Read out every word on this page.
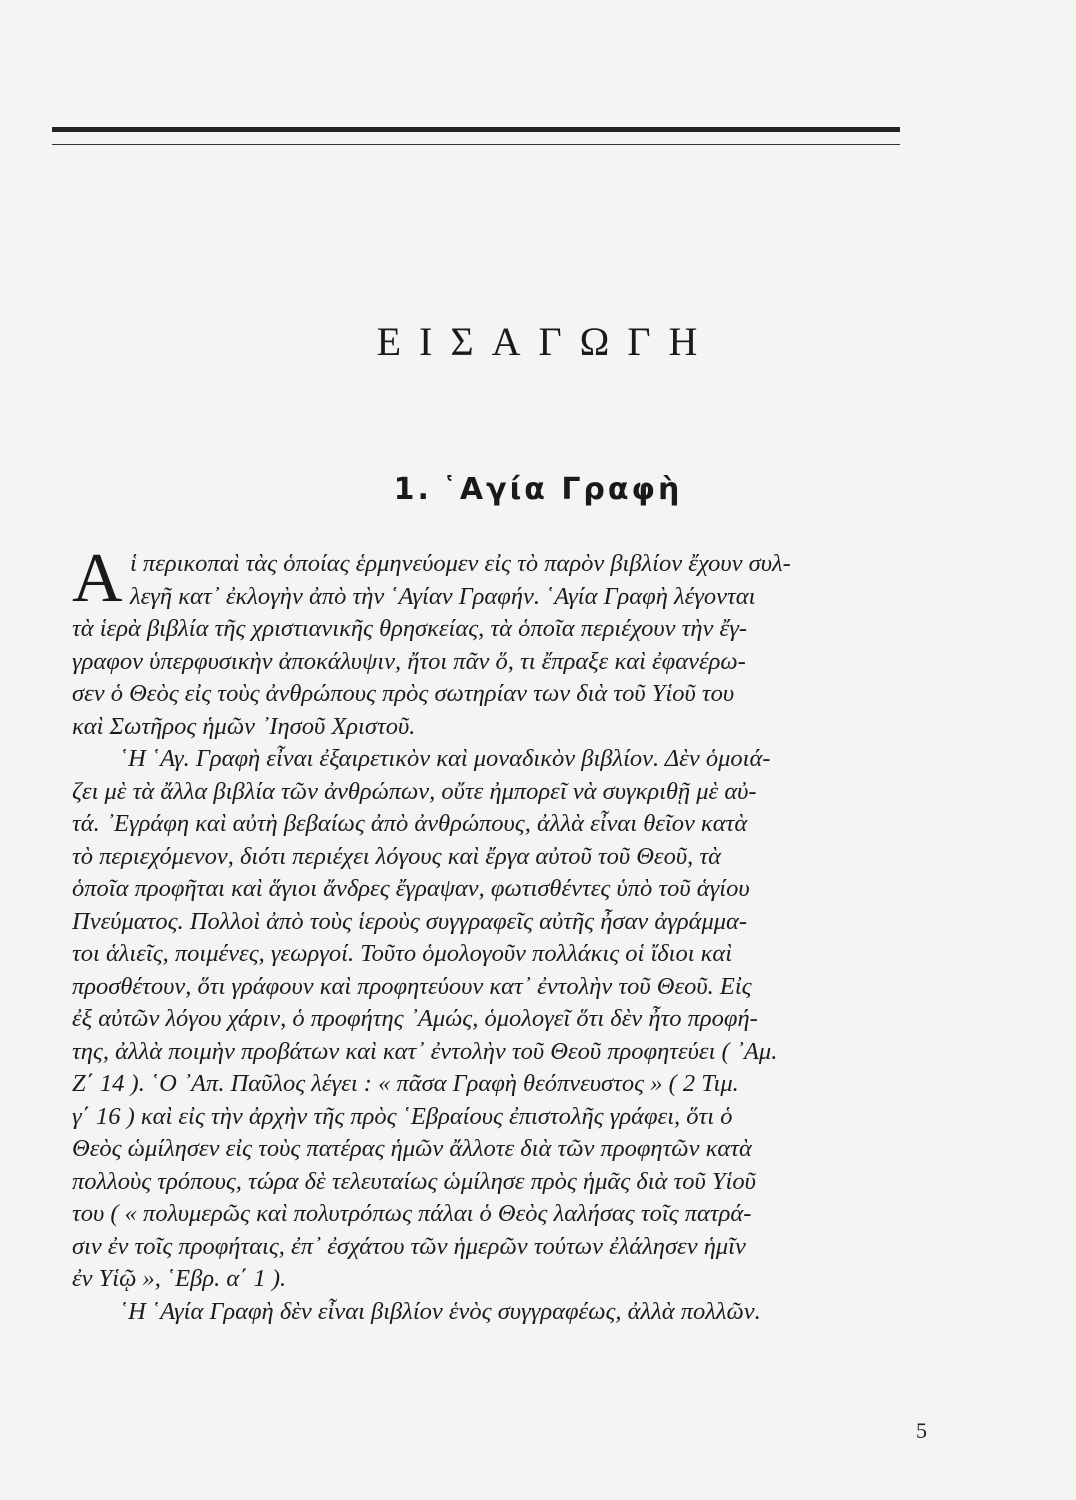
ΕΙΣΑΓΩΓΗ
1. ῾Αγία Γραφὴ
Α ἱ περικοπαὶ τὰς ὁποίας ἑρμηνεύομεν εἰς τὸ παρὸν βιβλίον ἔχουν συλ-
λεγῆ κατ᾽ ἐκλογὴν ἀπὸ τὴν ῾Αγίαν Γραφήν. ῾Αγία Γραφὴ λέγονται
τὰ ἱερὰ βιβλία τῆς χριστιανικῆς θρησκείας, τὰ ὁποῖα περιέχουν τὴν ἔγ-
γραφον ὑπερφυσικὴν ἀποκάλυψιν, ἤτοι πᾶν ὅ, τι ἔπραξε καὶ ἐφανέρω-
σεν ὁ Θεὸς εἰς τοὺς ἀνθρώπους πρὸς σωτηρίαν των διὰ τοῦ Υἱοῦ του
καὶ Σωτῆρος ἡμῶν ᾽Ιησοῦ Χριστοῦ.
῾Η ῾Αγ. Γραφὴ εἶναι ἐξαιρετικὸν καὶ μοναδικὸν βιβλίον. Δὲν ὁμοιά-
ζει μὲ τὰ ἄλλα βιβλία τῶν ἀνθρώπων, οὔτε ἠμπορεῖ νὰ συγκριθῇ μὲ αὐ-
τά. ᾽Εγράφη καὶ αὐτὴ βεβαίως ἀπὸ ἀνθρώπους, ἀλλὰ εἶναι θεῖον κατὰ
τὸ περιεχόμενον, διότι περιέχει λόγους καὶ ἔργα αὐτοῦ τοῦ Θεοῦ, τὰ
ὁποῖα προφῆται καὶ ἅγιοι ἄνδρες ἔγραψαν, φωτισθέντες ὑπὸ τοῦ ἁγίου
Πνεύματος. Πολλοὶ ἀπὸ τοὺς ἱεροὺς συγγραφεῖς αὐτῆς ἦσαν ἀγράμμα-
τοι ἁλιεῖς, ποιμένες, γεωργοί. Τοῦτο ὁμολογοῦν πολλάκις οἱ ἴδιοι καὶ
προσθέτουν, ὅτι γράφουν καὶ προφητεύουν κατ᾽ ἐντολὴν τοῦ Θεοῦ. Εἰς
ἐξ αὐτῶν λόγου χάριν, ὁ προφήτης ᾽Αμώς, ὁμολογεῖ ὅτι δὲν ἦτο προφή-
της, ἀλλὰ ποιμὴν προβάτων καὶ κατ᾽ ἐντολὴν τοῦ Θεοῦ προφητεύει ( ᾽Αμ.
Ζ΄ 14 ). ῾Ο ᾽Απ. Παῦλος λέγει : « πᾶσα Γραφὴ θεόπνευστος » ( 2 Τιμ.
γ΄ 16 ) καὶ εἰς τὴν ἀρχὴν τῆς πρὸς ῾Εβραίους ἐπιστολῆς γράφει, ὅτι ὁ
Θεὸς ὡμίλησεν εἰς τοὺς πατέρας ἡμῶν ἄλλοτε διὰ τῶν προφητῶν κατὰ
πολλοὺς τρόπους, τώρα δὲ τελευταίως ὡμίλησε πρὸς ἡμᾶς διὰ τοῦ Υἱοῦ
του ( « πολυμερῶς καὶ πολυτρόπως πάλαι ὁ Θεὸς λαλήσας τοῖς πατρά-
σιν ἐν τοῖς προφήταις, ἐπ᾽ ἐσχάτου τῶν ἡμερῶν τούτων ἐλάλησεν ἡμῖν
ἐν Υἱῷ », ῾Εβρ. α΄ 1 ).
῾Η ῾Αγία Γραφὴ δὲν εἶναι βιβλίον ἑνὸς συγγραφέως, ἀλλὰ πολλῶν.
5
